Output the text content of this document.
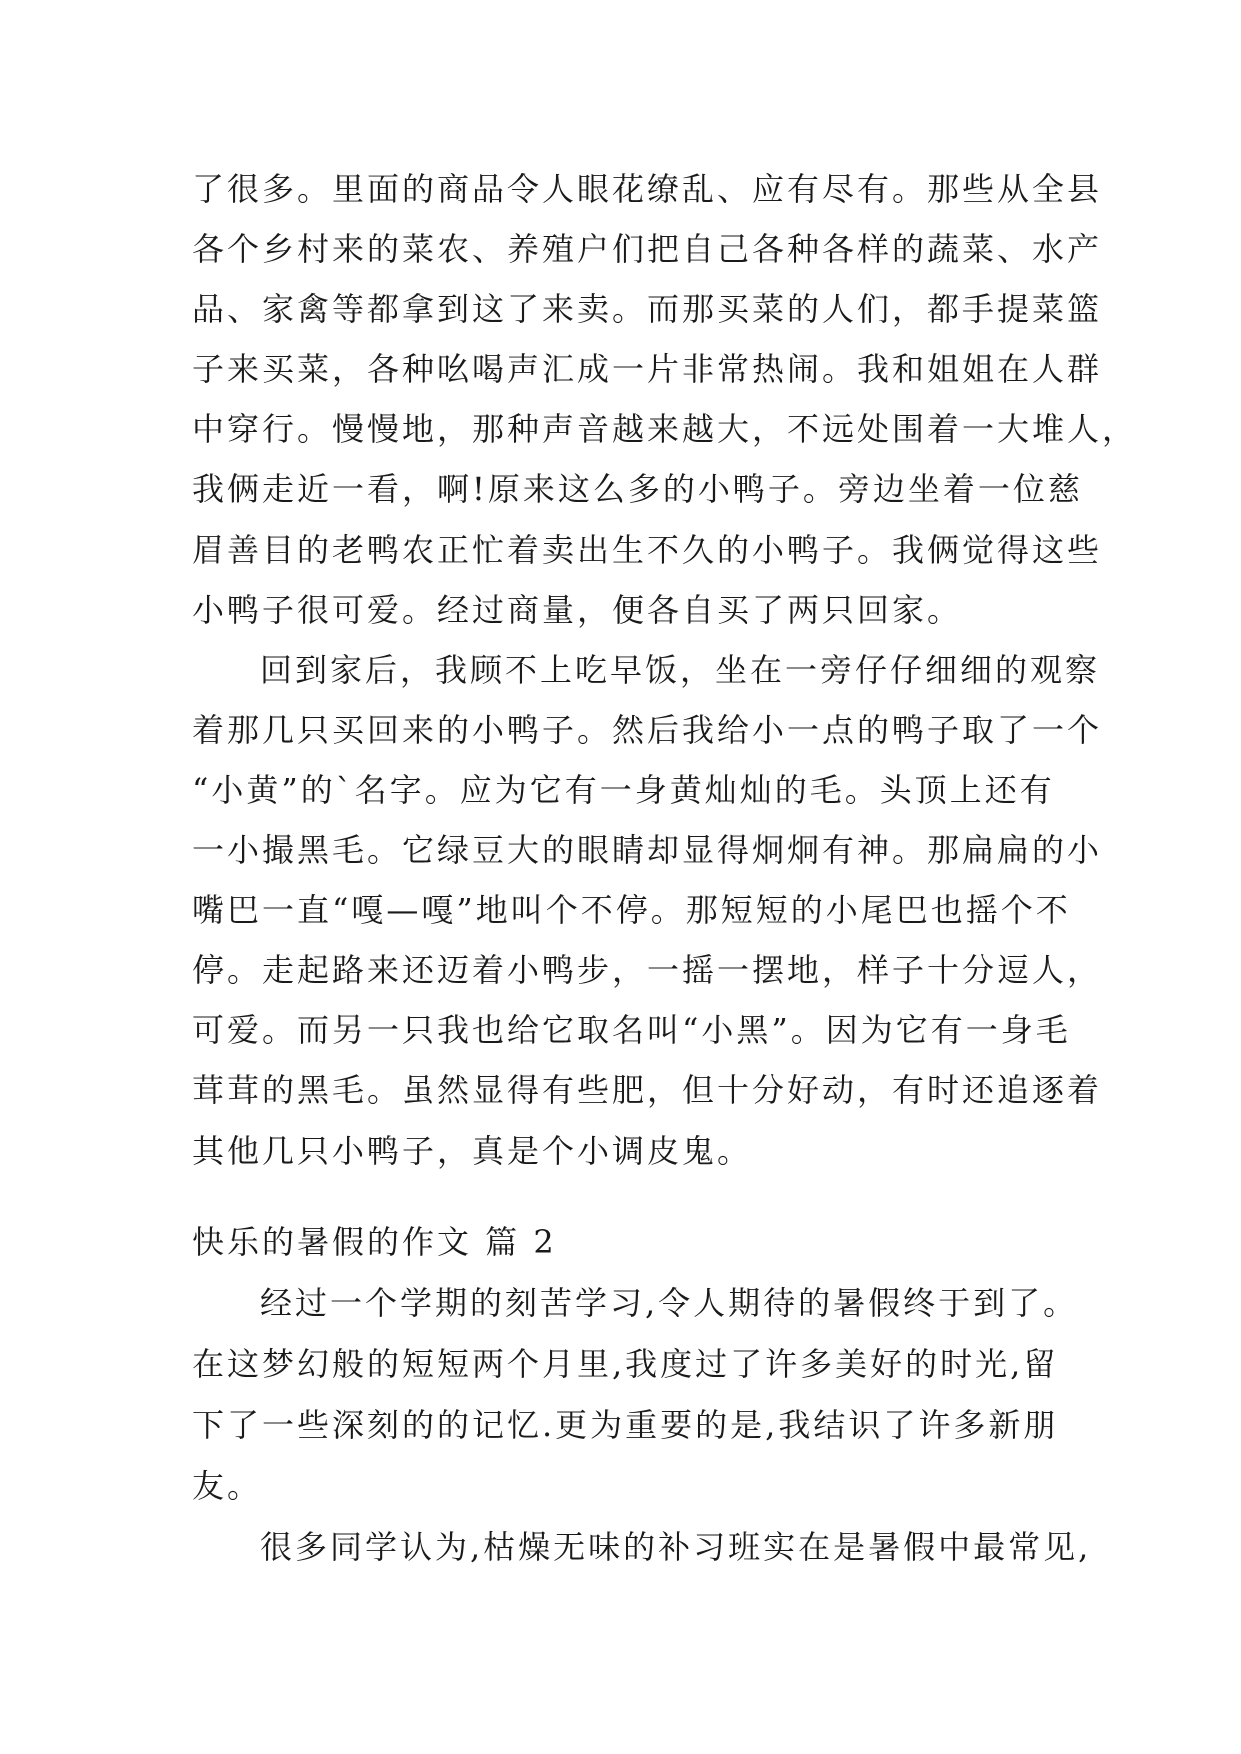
了很多。里面的商品令人眼花缭乱、应有尽有。那些从全县
各个乡村来的菜农、养殖户们把自己各种各样的蔬菜、水产
品、家禽等都拿到这了来卖。而那买菜的人们，都手提菜篮
子来买菜，各种吆喝声汇成一片非常热闹。我和姐姐在人群
中穿行。慢慢地，那种声音越来越大，不远处围着一大堆人，
我俩走近一看，啊!原来这么多的小鸭子。旁边坐着一位慈
眉善目的老鸭农正忙着卖出生不久的小鸭子。我俩觉得这些
小鸭子很可爱。经过商量，便各自买了两只回家。
回到家后，我顾不上吃早饭，坐在一旁仔仔细细的观察
着那几只买回来的小鸭子。然后我给小一点的鸭子取了一个
“小黄”的`名字。应为它有一身黄灿灿的毛。头顶上还有
一小撮黑毛。它绿豆大的眼睛却显得炯炯有神。那扁扁的小
嘴巴一直“嘎—嘎”地叫个不停。那短短的小尾巴也摇个不
停。走起路来还迈着小鸭步，一摇一摆地，样子十分逗人，
可爱。而另一只我也给它取名叫“小黑”。因为它有一身毛
茸茸的黑毛。虽然显得有些肥，但十分好动，有时还追逐着
其他几只小鸭子，真是个小调皮鬼。
快乐的暑假的作文 篇 2
经过一个学期的刻苦学习,令人期待的暑假终于到了。
在这梦幻般的短短两个月里,我度过了许多美好的时光,留
下了一些深刻的的记忆.更为重要的是,我结识了许多新朋
友。
很多同学认为,枯燥无味的补习班实在是暑假中最常见,
